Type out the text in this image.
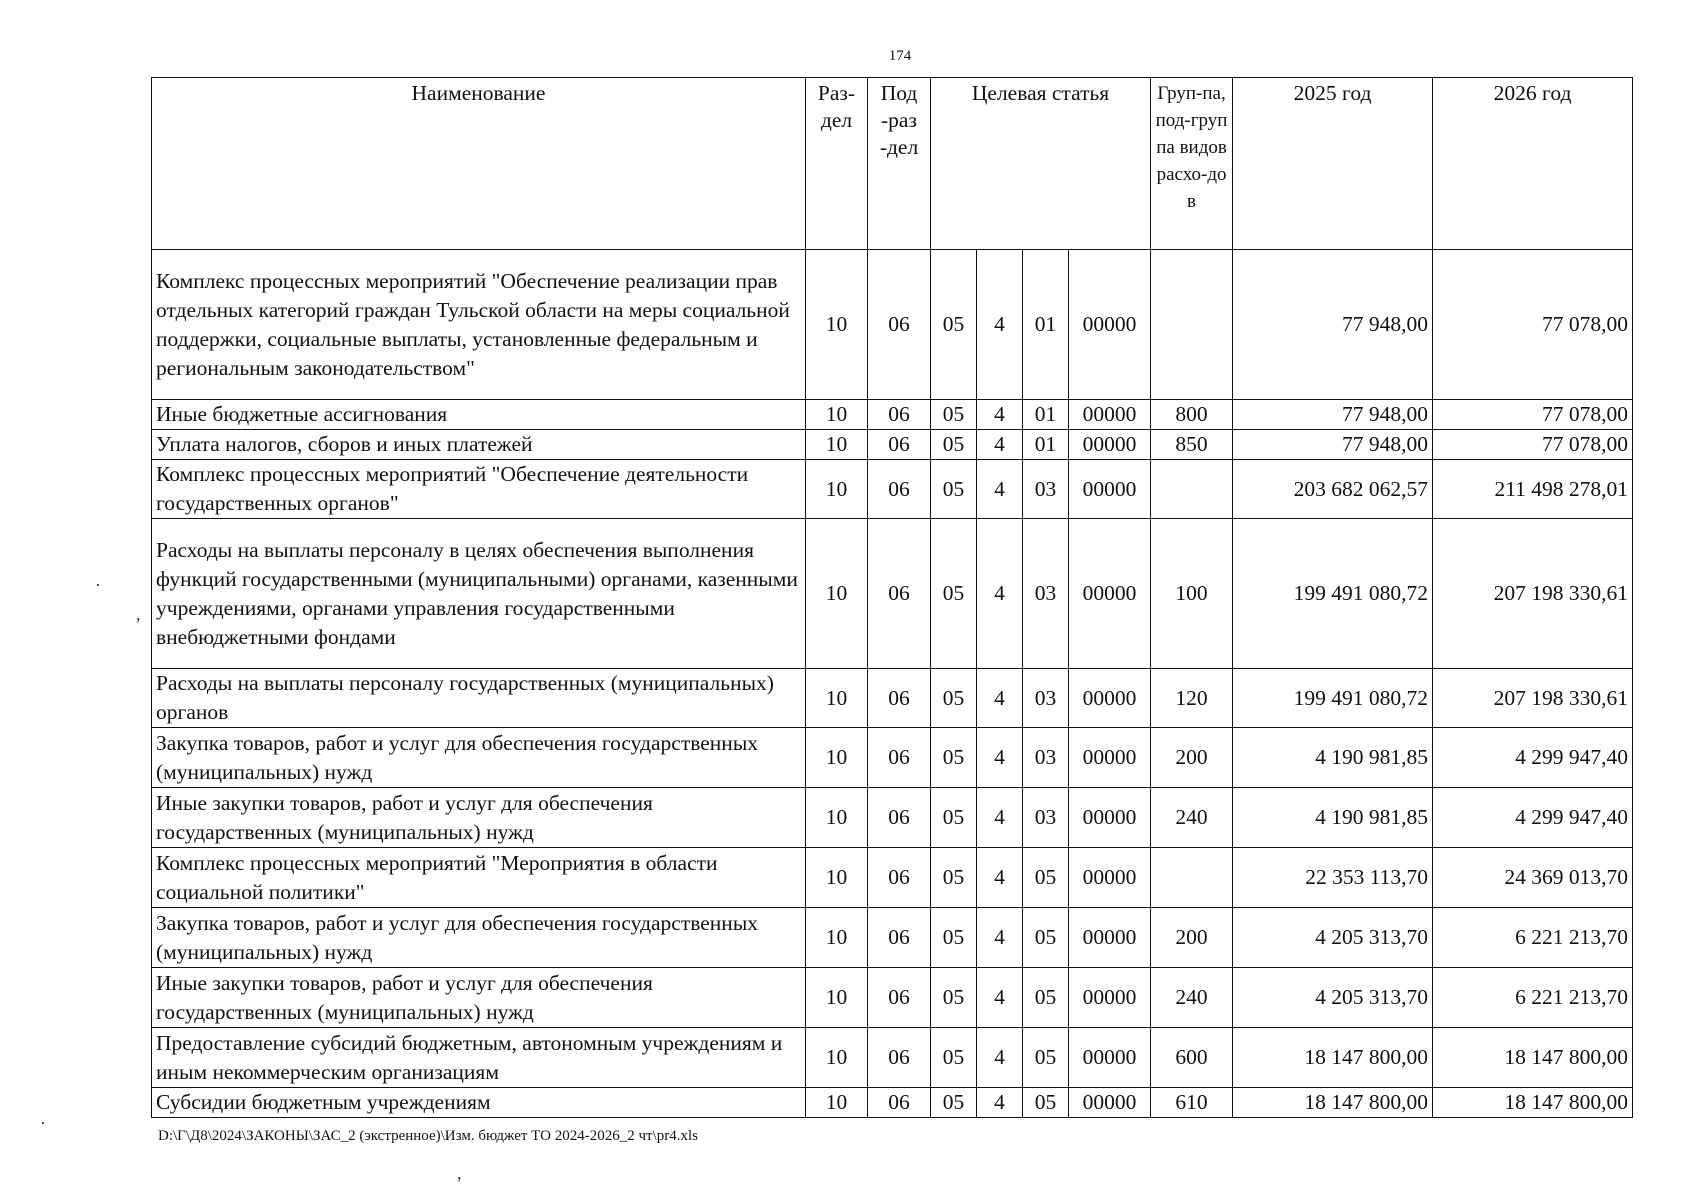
174
Наименование	Раз-дел	Под-раз-дел	Целевая статья				Груп-па, под-группа видов расхо-дов	2025 год	2026 год
Комплекс процессных мероприятий "Обеспечение реализации прав отдельных категорий граждан Тульской области на меры социальной поддержки, социальные выплаты, установленные федеральным и региональным законодательством"	10	06	05	4	01	00000		77 948,00	77 078,00
Иные бюджетные ассигнования	10	06	05	4	01	00000	800	77 948,00	77 078,00
Уплата налогов, сборов и иных платежей	10	06	05	4	01	00000	850	77 948,00	77 078,00
Комплекс процессных мероприятий "Обеспечение деятельности государственных органов"	10	06	05	4	03	00000		203 682 062,57	211 498 278,01
Расходы на выплаты персоналу в целях обеспечения выполнения функций государственными (муниципальными) органами, казенными учреждениями, органами управления государственными внебюджетными фондами	10	06	05	4	03	00000	100	199 491 080,72	207 198 330,61
Расходы на выплаты персоналу государственных (муниципальных) органов	10	06	05	4	03	00000	120	199 491 080,72	207 198 330,61
Закупка товаров, работ и услуг для обеспечения государственных (муниципальных) нужд	10	06	05	4	03	00000	200	4 190 981,85	4 299 947,40
Иные закупки товаров, работ и услуг для обеспечения государственных (муниципальных) нужд	10	06	05	4	03	00000	240	4 190 981,85	4 299 947,40
Комплекс процессных мероприятий "Мероприятия в области социальной политики"	10	06	05	4	05	00000		22 353 113,70	24 369 013,70
Закупка товаров, работ и услуг для обеспечения государственных (муниципальных) нужд	10	06	05	4	05	00000	200	4 205 313,70	6 221 213,70
Иные закупки товаров, работ и услуг для обеспечения государственных (муниципальных) нужд	10	06	05	4	05	00000	240	4 205 313,70	6 221 213,70
Предоставление субсидий бюджетным, автономным учреждениям и иным некоммерческим организациям	10	06	05	4	05	00000	600	18 147 800,00	18 147 800,00
Субсидии бюджетным учреждениям	10	06	05	4	05	00000	610	18 147 800,00	18 147 800,00
D:\Г\Д8\2024\ЗАКОНЫ\ЗАС_2 (экстренное)\Изм. бюджет ТО 2024-2026_2 чт\pr4.xls
·
,
·
,
